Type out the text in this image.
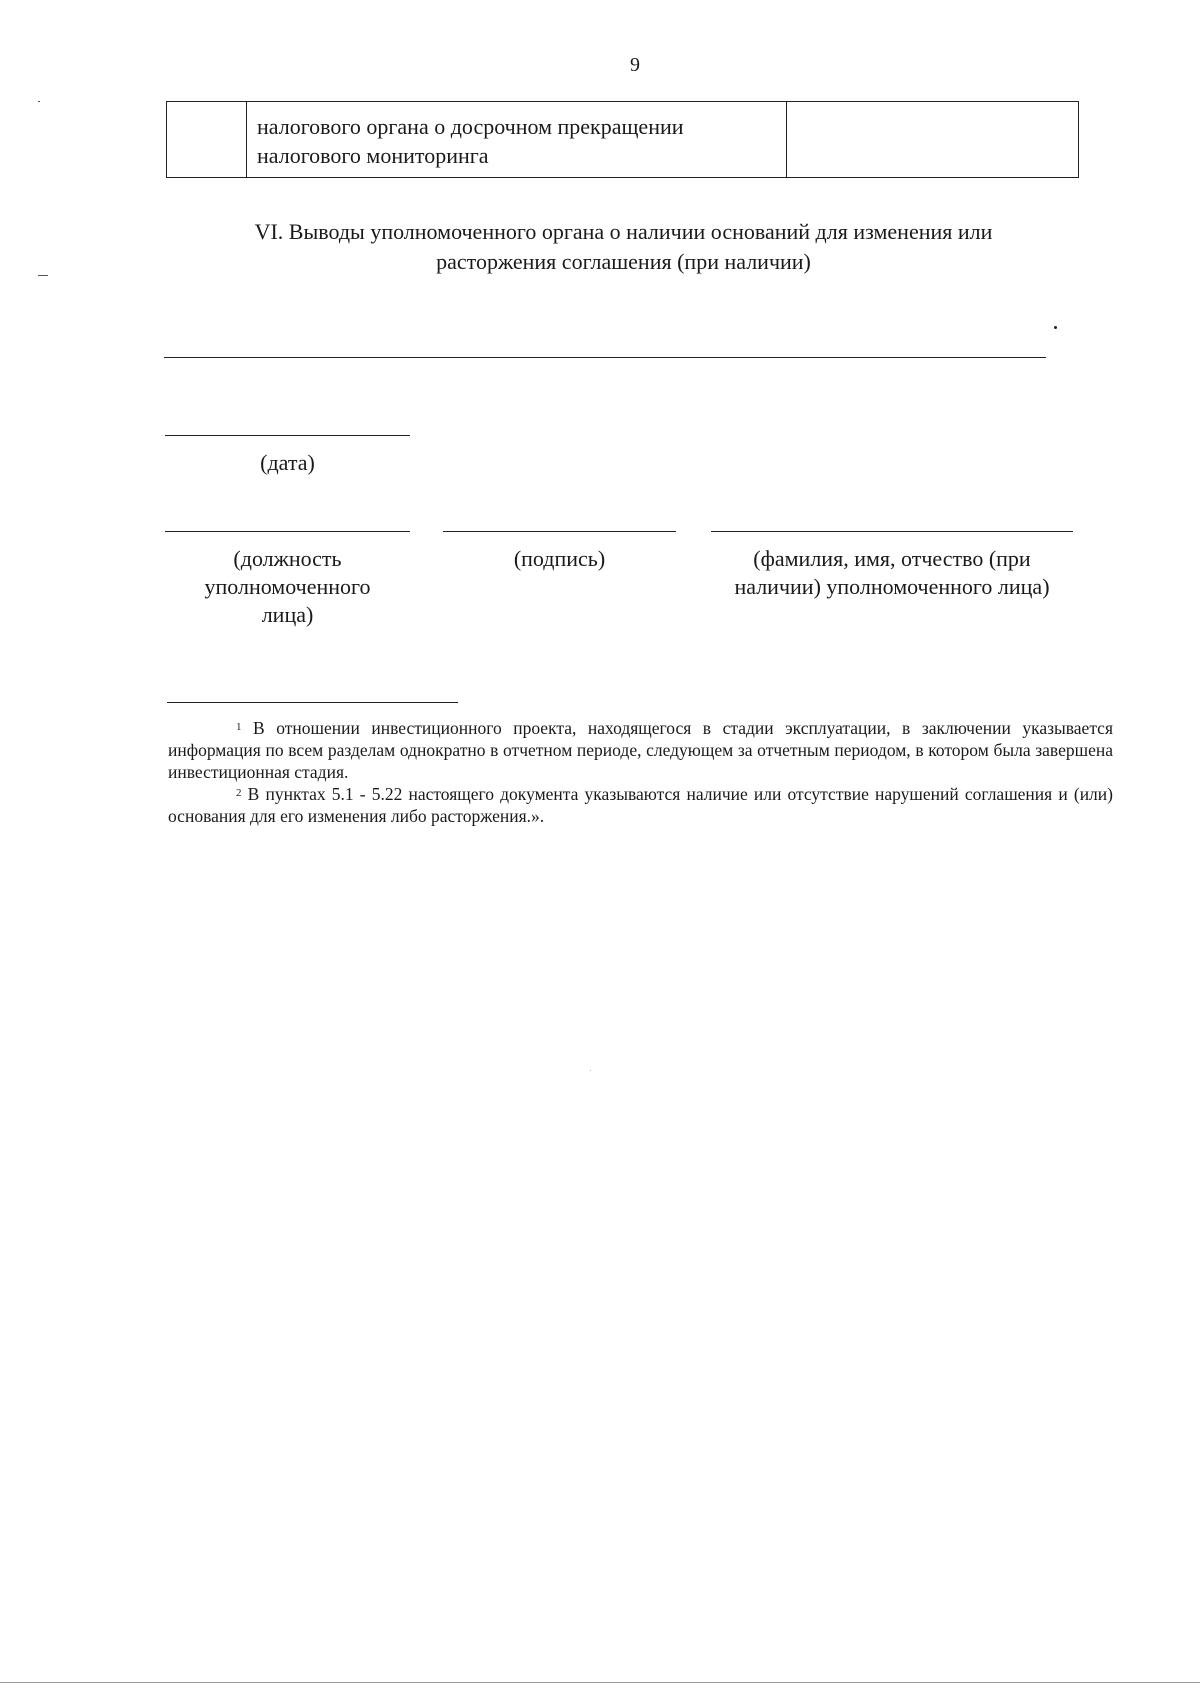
9

налогового органа о досрочном прекращении
налогового мониторинга

VI. Выводы уполномоченного органа о наличии оснований для изменения или
расторжения соглашения (при наличии)
(дата)
(должность
уполномоченного
лица)
(подпись)	(фамилия, имя, отчество (при
наличии) уполномоченного лица)

$^1$ В отношении инвестиционного проекта, находящегося в стадии эксплуатации, в заключении указывается информация по всем разделам однократно в отчетном периоде, следующем за отчетным периодом, в котором была завершена инвестиционная стадия.

$^2$ В пунктах 5.1 - 5.22 настоящего документа указываются наличие или отсутствие нарушений соглашения и (или) основания для его изменения либо расторжения.».
